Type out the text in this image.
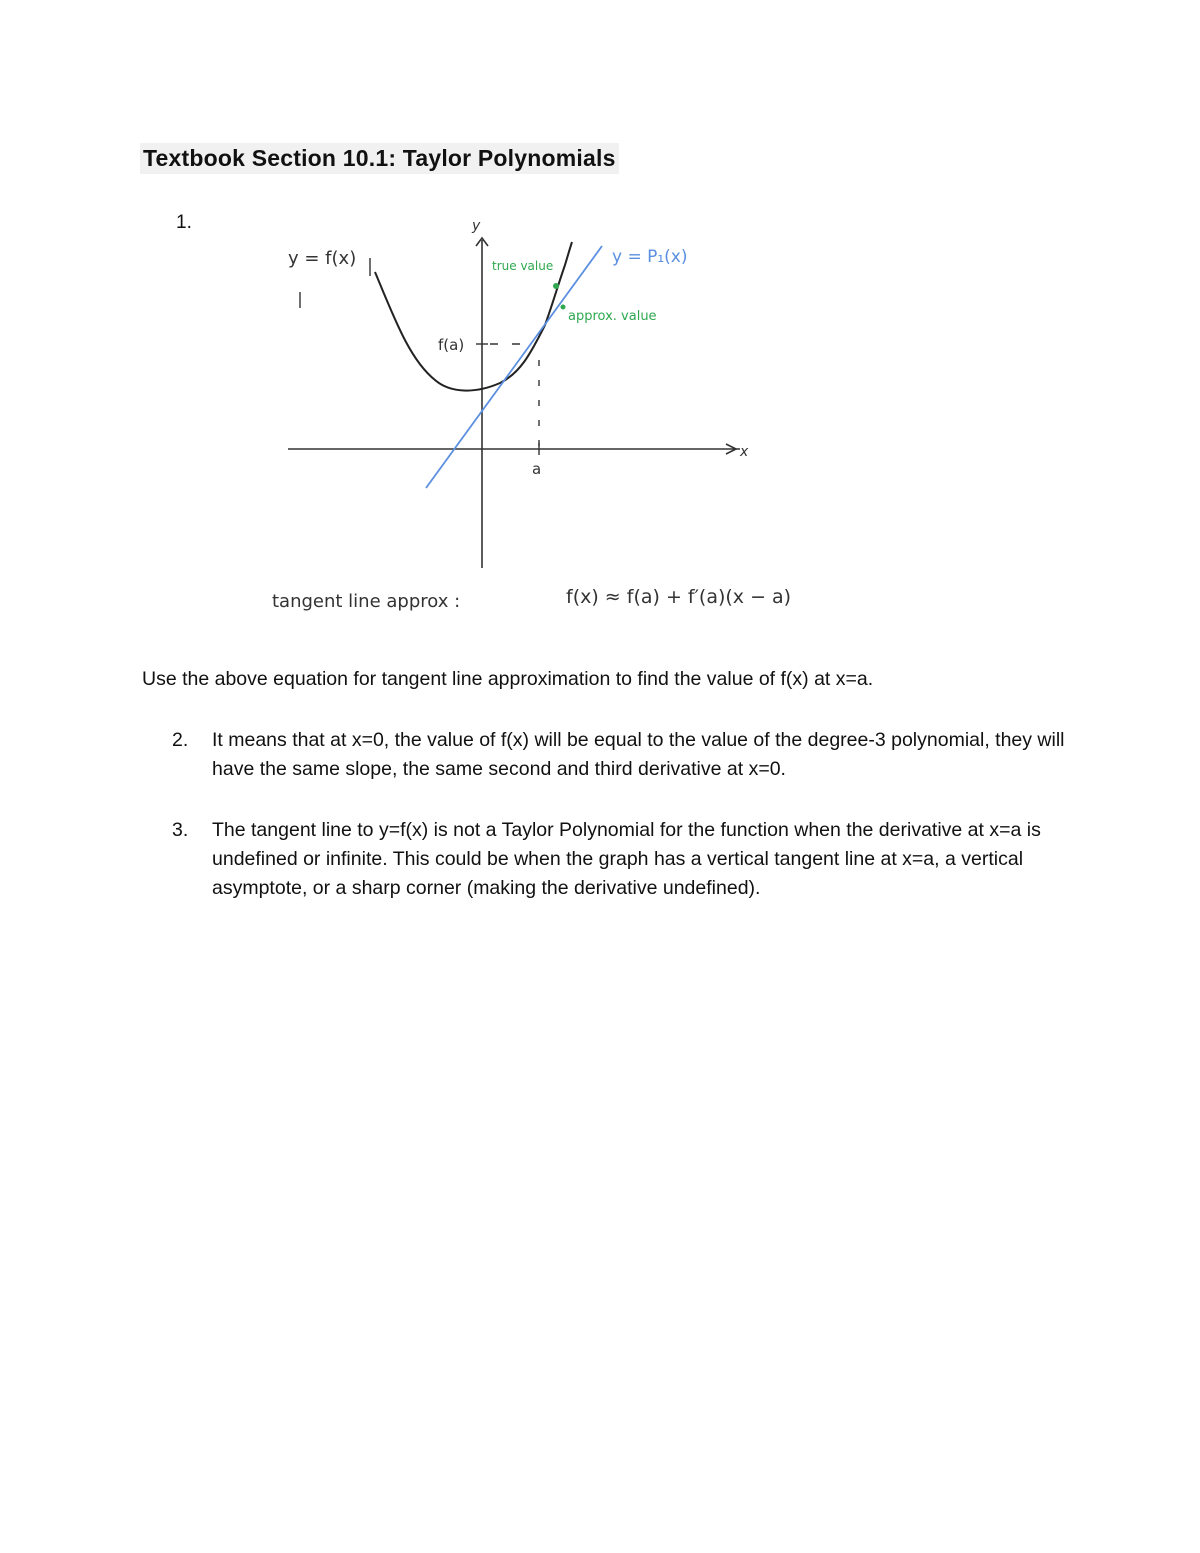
Textbook Section 10.1: Taylor Polynomials
1.	y
x
y = f(x)
f(a)
a
true value	y = P₁(x)
approx. value
tangent line approx :	f(x) ≈ f(a) + f′(a)(x − a)
Use the above equation for tangent line approximation to find the value of f(x) at x=a.
2. It means that at x=0, the value of f(x) will be equal to the value of the degree-3 polynomial, they will have the same slope, the same second and third derivative at x=0.
3. The tangent line to y=f(x) is not a Taylor Polynomial for the function when the derivative at x=a is undefined or infinite. This could be when the graph has a vertical tangent line at x=a, a vertical asymptote, or a sharp corner (making the derivative undefined).
